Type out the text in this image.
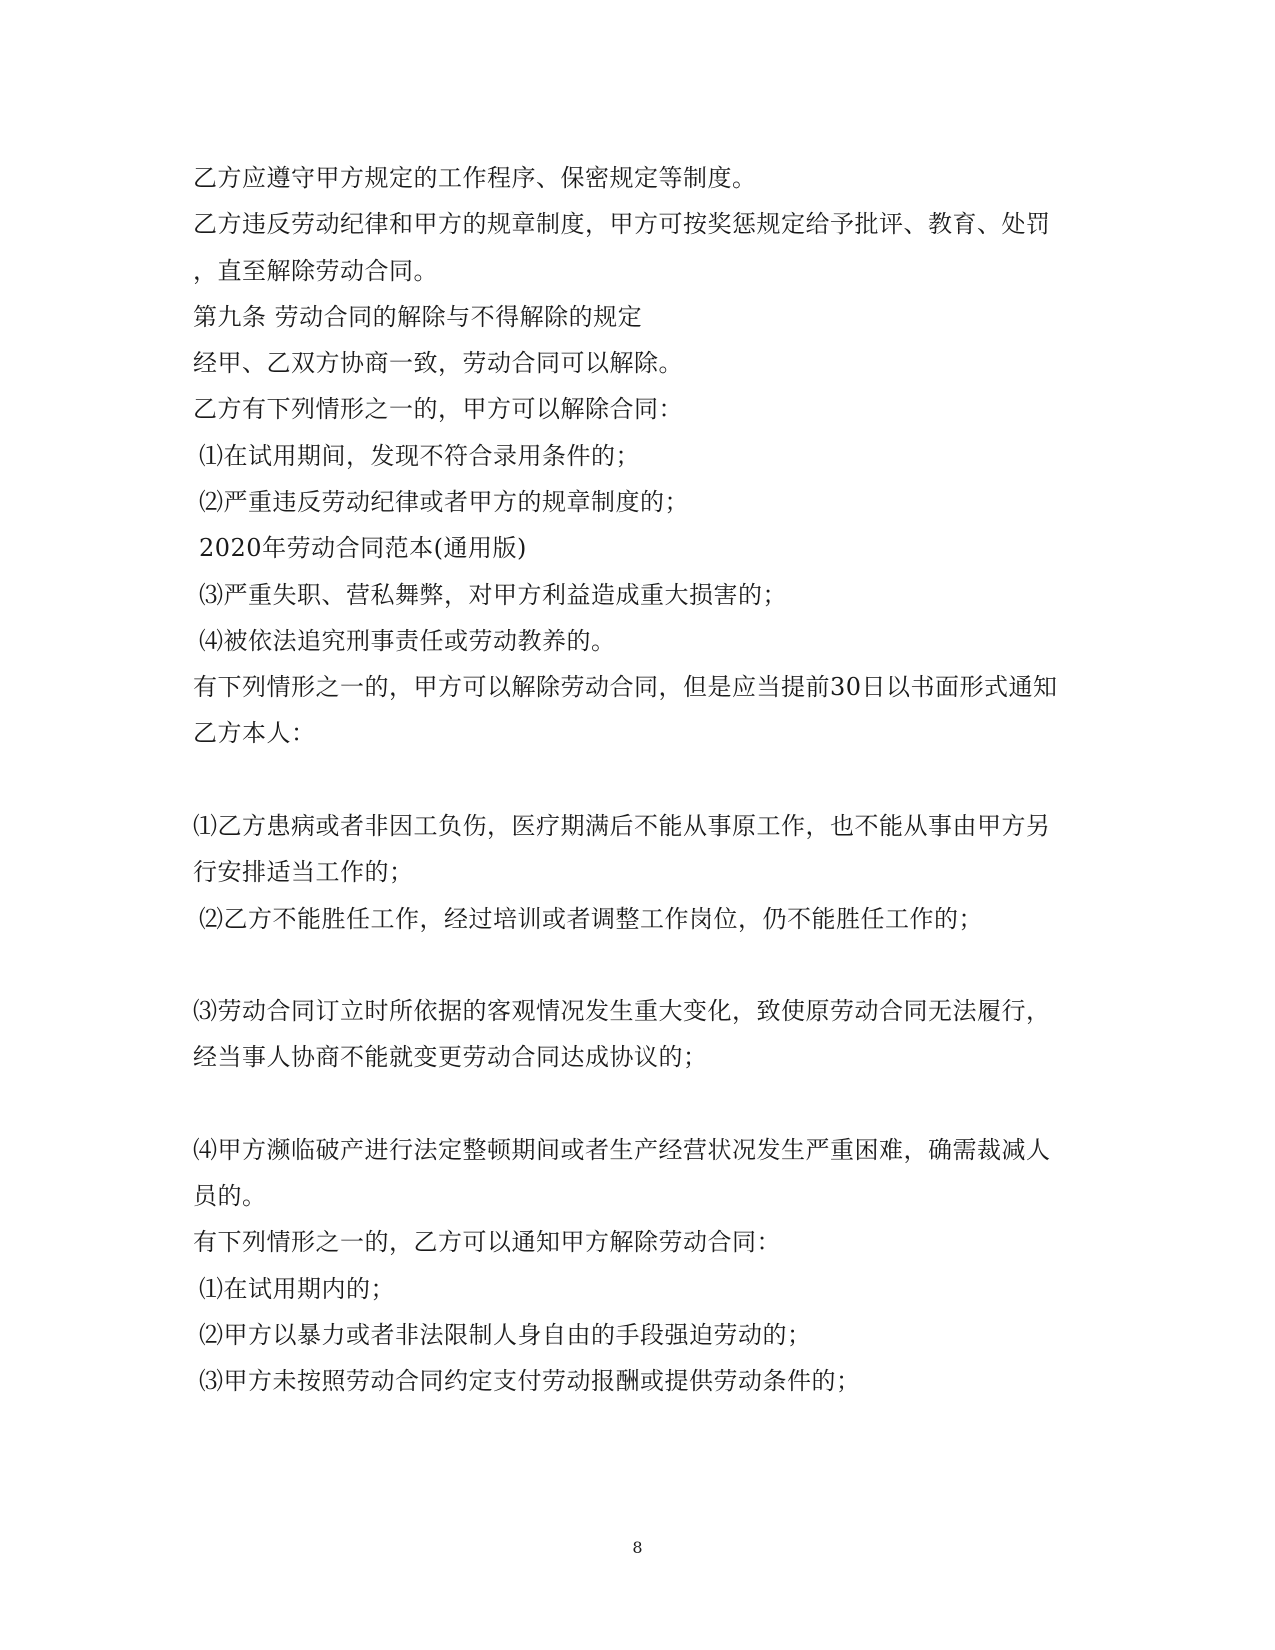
乙方应遵守甲方规定的工作程序、保密规定等制度。
乙方违反劳动纪律和甲方的规章制度，甲方可按奖惩规定给予批评、教育、处罚
，直至解除劳动合同。
第九条 劳动合同的解除与不得解除的规定
经甲、乙双方协商一致，劳动合同可以解除。
乙方有下列情形之一的，甲方可以解除合同：
⑴在试用期间，发现不符合录用条件的；
⑵严重违反劳动纪律或者甲方的规章制度的；
2020年劳动合同范本(通用版)
⑶严重失职、营私舞弊，对甲方利益造成重大损害的；
⑷被依法追究刑事责任或劳动教养的。
有下列情形之一的，甲方可以解除劳动合同，但是应当提前30日以书面形式通知
乙方本人：
⑴乙方患病或者非因工负伤，医疗期满后不能从事原工作，也不能从事由甲方另
行安排适当工作的；
⑵乙方不能胜任工作，经过培训或者调整工作岗位，仍不能胜任工作的；
⑶劳动合同订立时所依据的客观情况发生重大变化，致使原劳动合同无法履行，
经当事人协商不能就变更劳动合同达成协议的；
⑷甲方濒临破产进行法定整顿期间或者生产经营状况发生严重困难，确需裁减人
员的。
有下列情形之一的，乙方可以通知甲方解除劳动合同：
⑴在试用期内的；
⑵甲方以暴力或者非法限制人身自由的手段强迫劳动的；
⑶甲方未按照劳动合同约定支付劳动报酬或提供劳动条件的；
8
